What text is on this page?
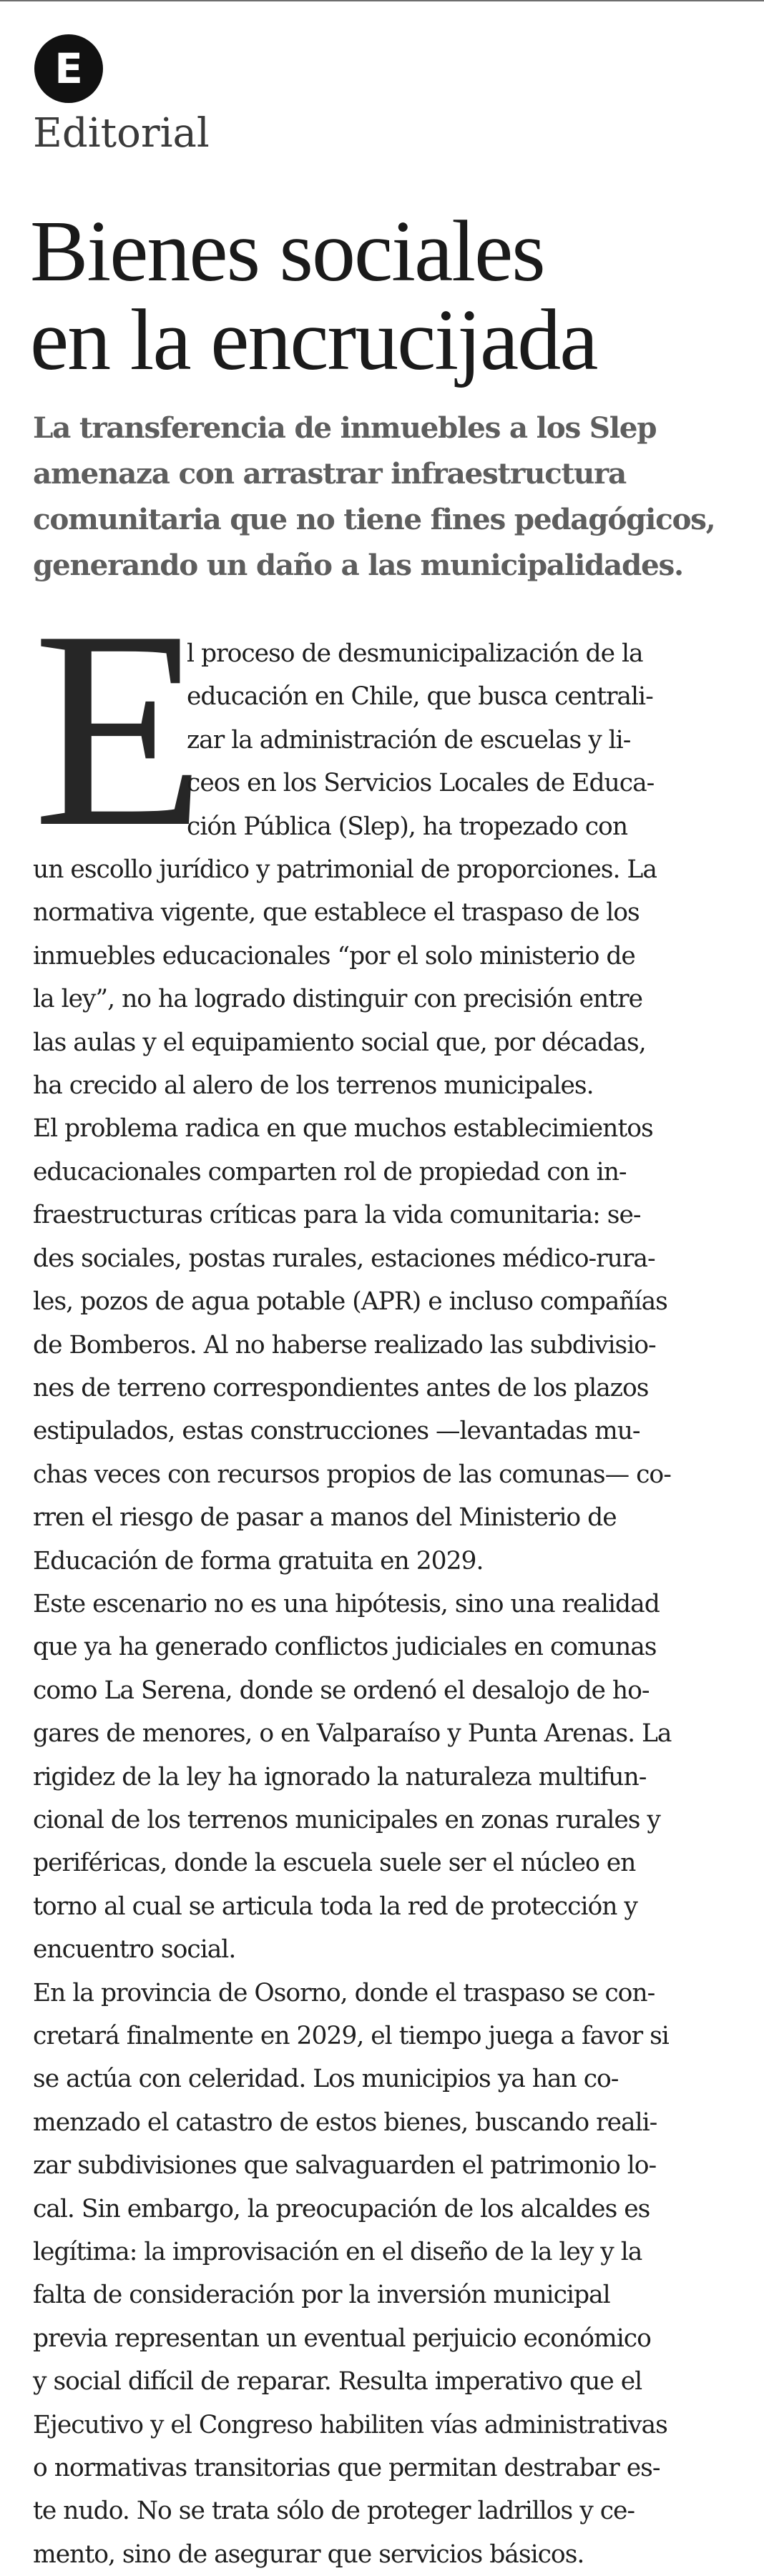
E
Editorial
Bienes sociales
en la encrucijada
La transferencia de inmuebles a los Slep
amenaza con arrastrar infraestructura
comunitaria que no tiene fines pedagógicos,
generando un daño a las municipalidades.
E
l proceso de desmunicipalización de la
educación en Chile, que busca centrali-
zar la administración de escuelas y li-
ceos en los Servicios Locales de Educa-
ción Pública (Slep), ha tropezado con
un escollo jurídico y patrimonial de proporciones. La
normativa vigente, que establece el traspaso de los
inmuebles educacionales “por el solo ministerio de
la ley”, no ha logrado distinguir con precisión entre
las aulas y el equipamiento social que, por décadas,
ha crecido al alero de los terrenos municipales.
El problema radica en que muchos establecimientos
educacionales comparten rol de propiedad con in-
fraestructuras críticas para la vida comunitaria: se-
des sociales, postas rurales, estaciones médico-rura-
les, pozos de agua potable (APR) e incluso compañías
de Bomberos. Al no haberse realizado las subdivisio-
nes de terreno correspondientes antes de los plazos
estipulados, estas construcciones —levantadas mu-
chas veces con recursos propios de las comunas— co-
rren el riesgo de pasar a manos del Ministerio de
Educación de forma gratuita en 2029.
Este escenario no es una hipótesis, sino una realidad
que ya ha generado conflictos judiciales en comunas
como La Serena, donde se ordenó el desalojo de ho-
gares de menores, o en Valparaíso y Punta Arenas. La
rigidez de la ley ha ignorado la naturaleza multifun-
cional de los terrenos municipales en zonas rurales y
periféricas, donde la escuela suele ser el núcleo en
torno al cual se articula toda la red de protección y
encuentro social.
En la provincia de Osorno, donde el traspaso se con-
cretará finalmente en 2029, el tiempo juega a favor si
se actúa con celeridad. Los municipios ya han co-
menzado el catastro de estos bienes, buscando reali-
zar subdivisiones que salvaguarden el patrimonio lo-
cal. Sin embargo, la preocupación de los alcaldes es
legítima: la improvisación en el diseño de la ley y la
falta de consideración por la inversión municipal
previa representan un eventual perjuicio económico
y social difícil de reparar. Resulta imperativo que el
Ejecutivo y el Congreso habiliten vías administrativas
o normativas transitorias que permitan destrabar es-
te nudo. No se trata sólo de proteger ladrillos y ce-
mento, sino de asegurar que servicios básicos.
